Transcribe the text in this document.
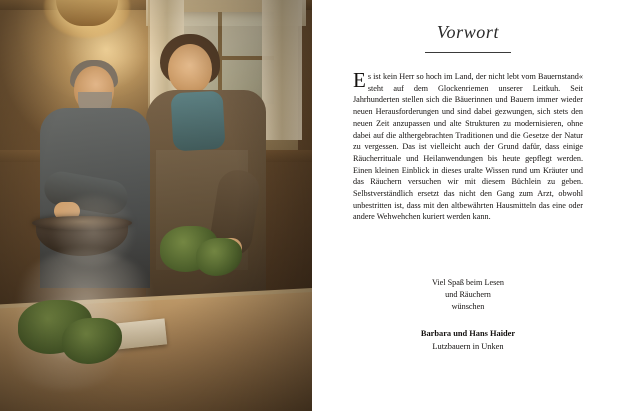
Vorwort
Es ist kein Herr so hoch im Land, der nicht lebt vom Bauernstand« steht auf dem Glockenriemen unserer Leitkuh. Seit Jahrhunderten stellen sich die Bäuerinnen und Bauern immer wieder neuen Herausforderungen und sind dabei gezwungen, sich stets den neuen Zeit anzupassen und alte Strukturen zu modernisieren, ohne dabei auf die althergebrachten Traditionen und die Gesetze der Natur zu vergessen. Das ist vielleicht auch der Grund dafür, dass einige Räucherrituale und Heilanwendungen bis heute gepflegt werden. Einen kleinen Einblick in dieses uralte Wissen rund um Kräuter und das Räuchern versuchen wir mit diesem Büchlein zu geben. Selbstverständlich ersetzt das nicht den Gang zum Arzt, obwohl unbestritten ist, dass mit den altbewährten Hausmitteln das eine oder andere Wehwehchen kuriert werden kann.
Viel Spaß beim Lesen
und Räuchern
wünschen
Barbara und Hans Haider
Lutzbauern in Unken
